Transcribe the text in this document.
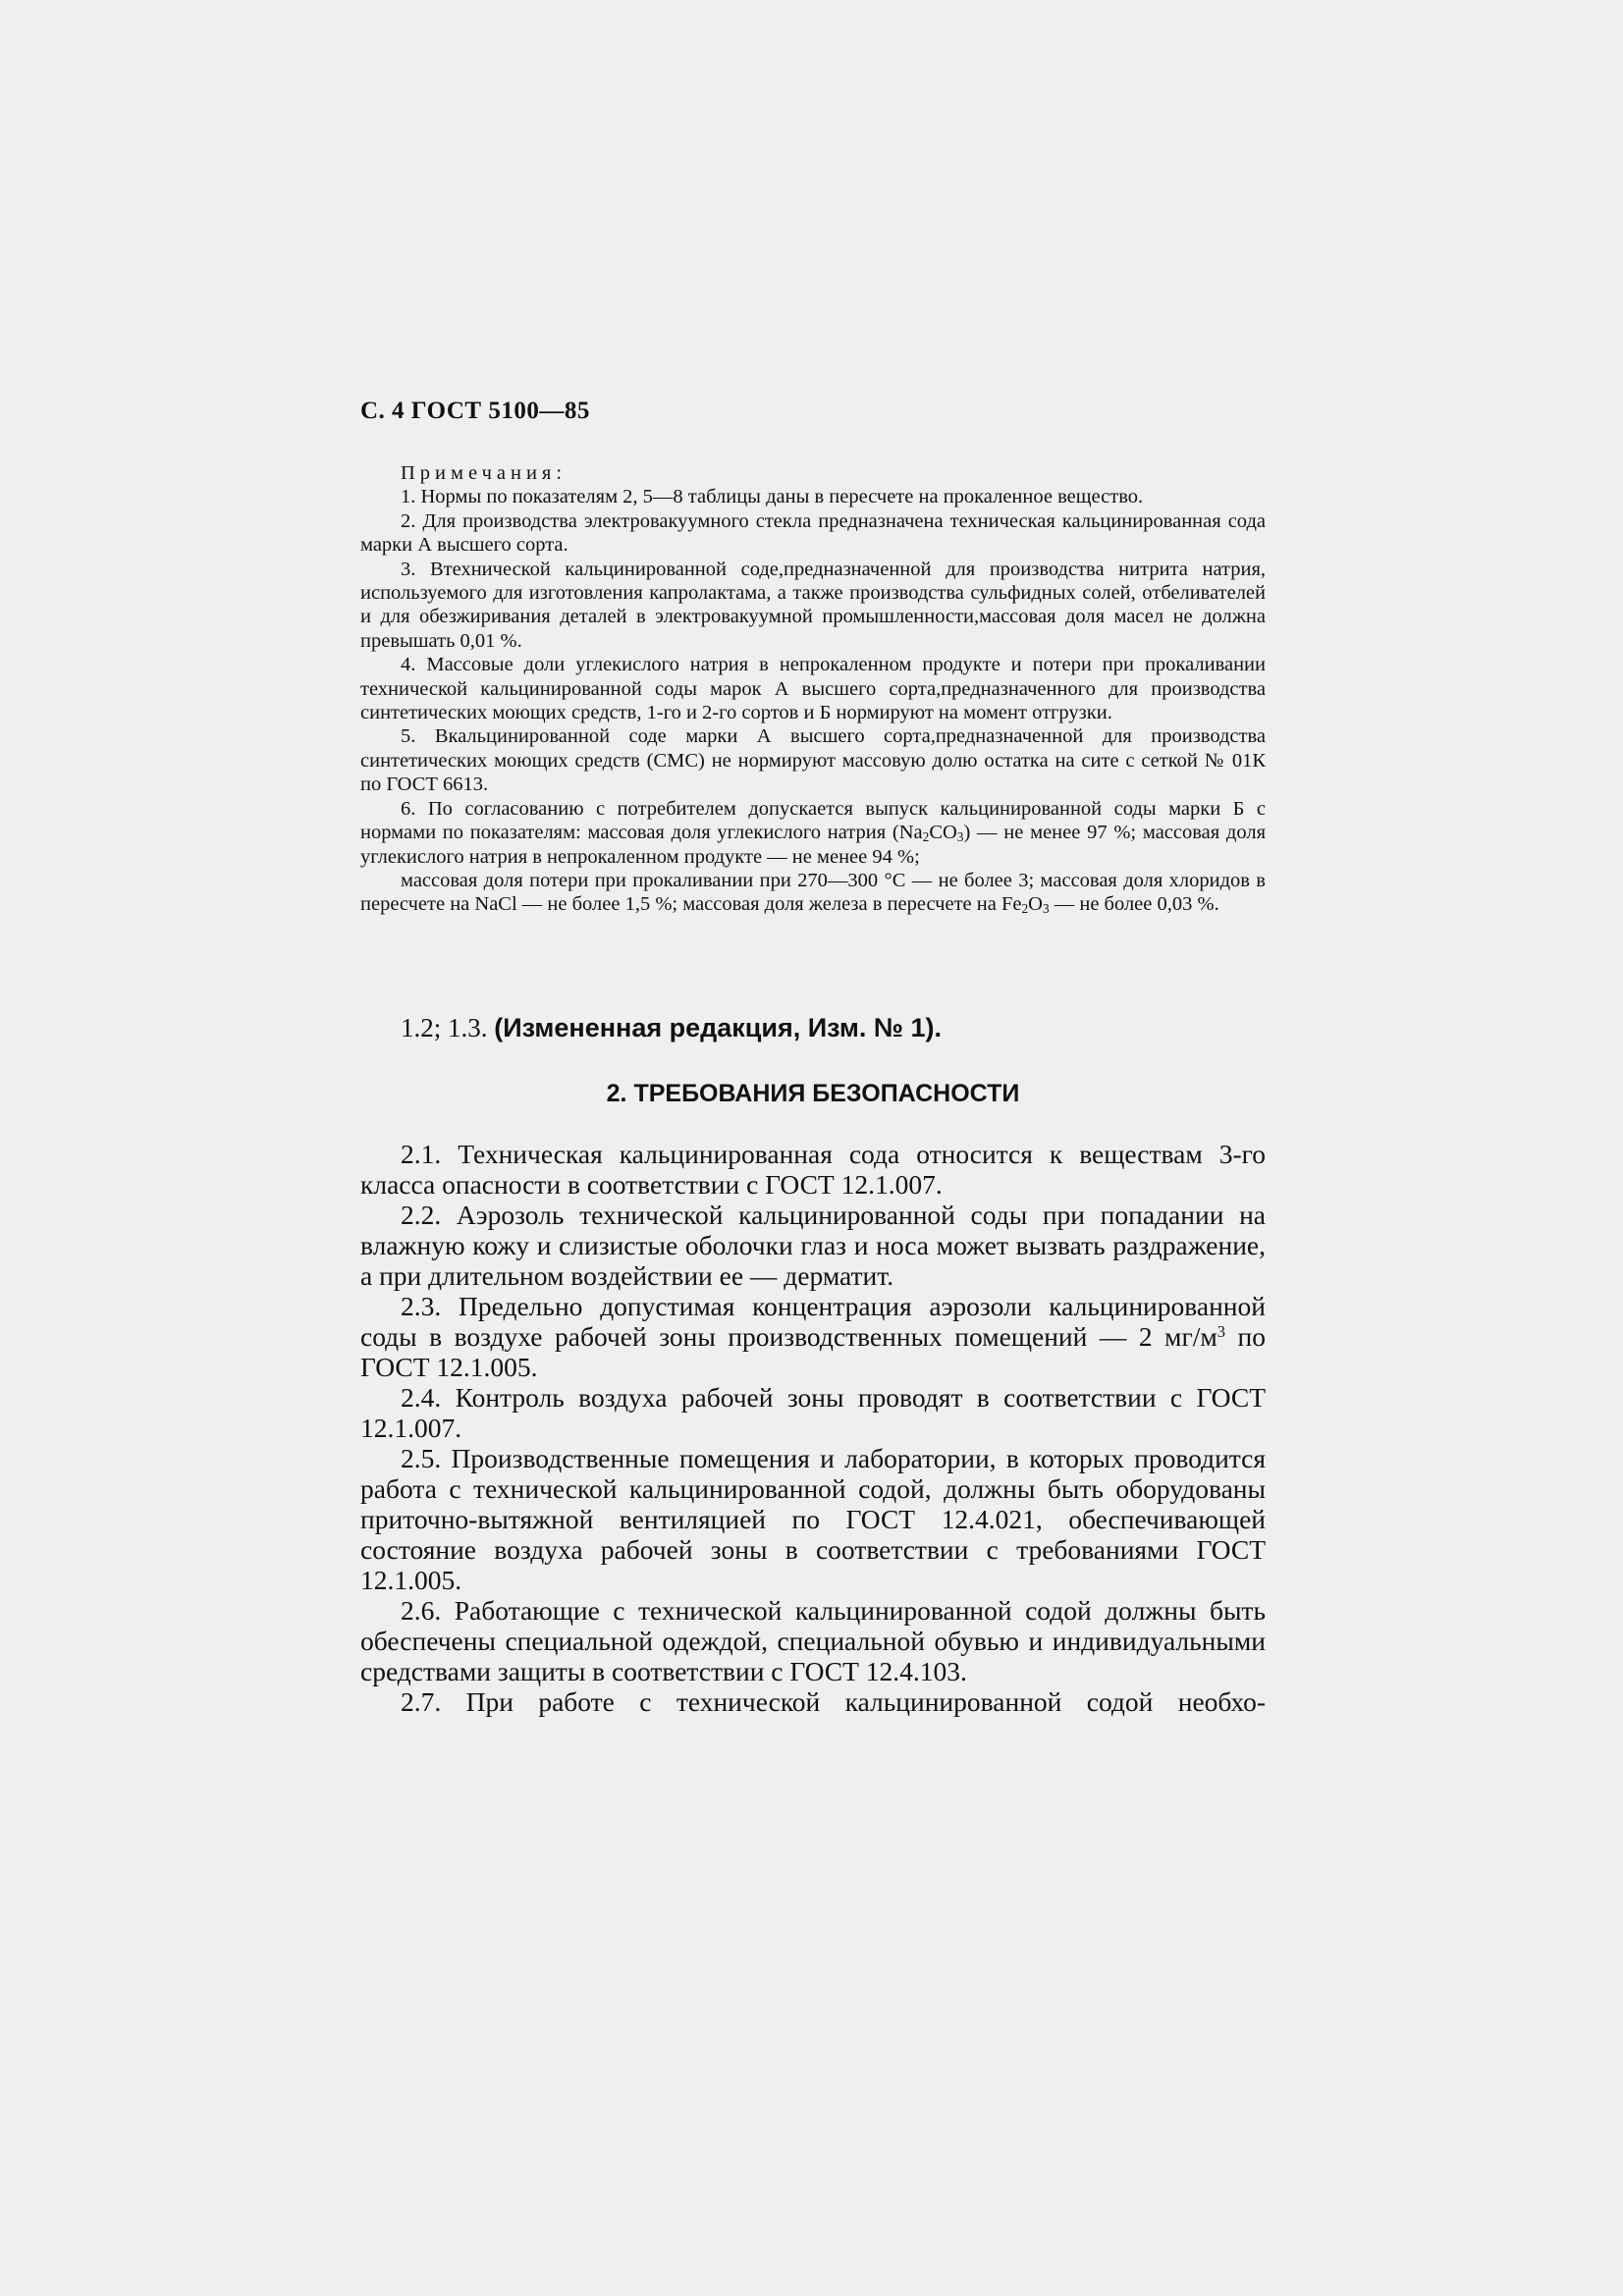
С. 4 ГОСТ 5100—85

Примечания:

1. Нормы по показателям 2, 5—8 таблицы даны в пересчете на прокаленное вещество.

2. Для производства электровакуумного стекла предназначена техническая кальцинированная сода марки А высшего сорта.

3. Втехнической кальцинированной соде,предназначенной для производства нитрита натрия, используемого для изготовления капролактама, а также производства сульфидных солей, отбеливателей и для обезжиривания деталей в электровакуумной промышленности,массовая доля масел не должна превышать 0,01 %.

4. Массовые доли углекислого натрия в непрокаленном продукте и потери при прокаливании технической кальцинированной соды марок А высшего сорта,предназначенного для производства синтетических моющих средств, 1-го и 2-го сортов и Б нормируют на момент отгрузки.

5. Вкальцинированной соде марки А высшего сорта,предназначенной для производства синтетических моющих средств (СМС) не нормируют массовую долю остатка на сите с сеткой № 01К по ГОСТ 6613.

6. По согласованию с потребителем допускается выпуск кальцинированной соды марки Б с нормами по показателям: массовая доля углекислого натрия $(Na_2CO_3)$ — не менее 97 %; массовая доля углекислого натрия в непрокаленном продукте — не менее 94 %;

массовая доля потери при прокаливании при 270—300 °С — не более 3; массовая доля хлоридов в пересчете на NaCl — не более 1,5 %; массовая доля железа в пересчете на $Fe_2O_3$ — не более 0,03 %.

1.2; 1.3. (Измененная редакция, Изм. № 1).
2. ТРЕБОВАНИЯ БЕЗОПАСНОСТИ

2.1. Техническая кальцинированная сода относится к веществам 3-го класса опасности в соответствии с ГОСТ 12.1.007.

2.2. Аэрозоль технической кальцинированной соды при попадании на влажную кожу и слизистые оболочки глаз и носа может вызвать раздражение, а при длительном воздействии ее — дерматит.

2.3. Предельно допустимая концентрация аэрозоли кальцинированной соды в воздухе рабочей зоны производственных помещений — 2 $мг/м^3$ по ГОСТ 12.1.005.

2.4. Контроль воздуха рабочей зоны проводят в соответствии с ГОСТ 12.1.007.

2.5. Производственные помещения и лаборатории, в которых проводится работа с технической кальцинированной содой, должны быть оборудованы приточно-вытяжной вентиляцией по ГОСТ 12.4.021, обеспечивающей состояние воздуха рабочей зоны в соответствии с требованиями ГОСТ 12.1.005.

2.6. Работающие с технической кальцинированной содой должны быть обеспечены специальной одеждой, специальной обувью и индивидуальными средствами защиты в соответствии с ГОСТ 12.4.103.

2.7. При работе с технической кальцинированной содой необхо-
